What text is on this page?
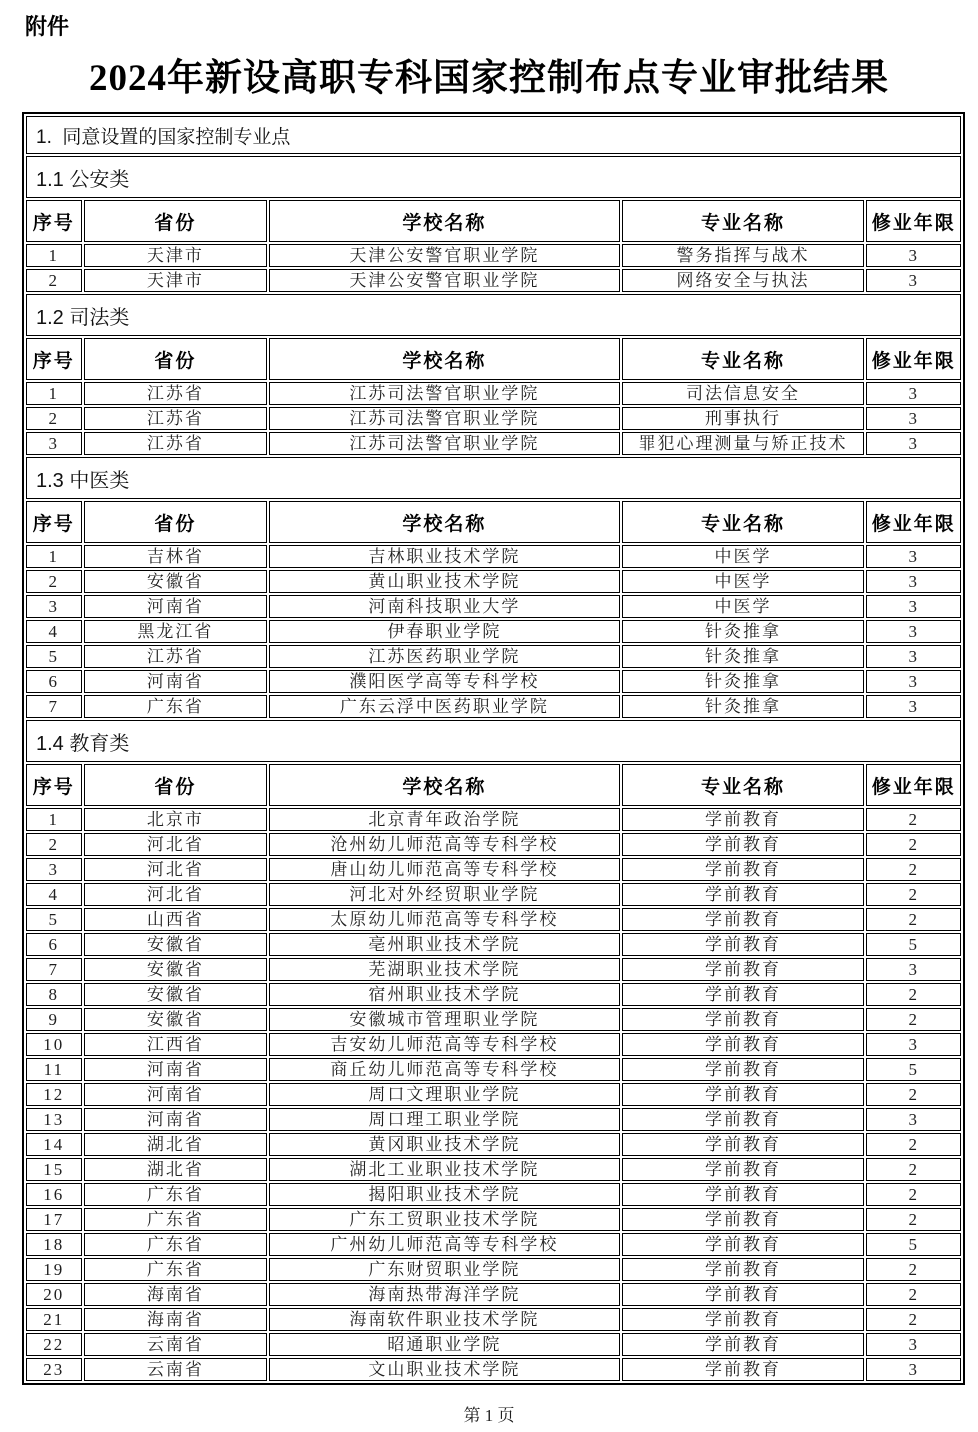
附件
2024年新设高职专科国家控制布点专业审批结果
1.  同意设置的国家控制专业点				
1.1 公安类				
序号	省份	学校名称	专业名称	修业年限
1	天津市	天津公安警官职业学院	警务指挥与战术	3
2	天津市	天津公安警官职业学院	网络安全与执法	3
1.2 司法类				
序号	省份	学校名称	专业名称	修业年限
1	江苏省	江苏司法警官职业学院	司法信息安全	3
2	江苏省	江苏司法警官职业学院	刑事执行	3
3	江苏省	江苏司法警官职业学院	罪犯心理测量与矫正技术	3
1.3 中医类				
序号	省份	学校名称	专业名称	修业年限
1	吉林省	吉林职业技术学院	中医学	3
2	安徽省	黄山职业技术学院	中医学	3
3	河南省	河南科技职业大学	中医学	3
4	黑龙江省	伊春职业学院	针灸推拿	3
5	江苏省	江苏医药职业学院	针灸推拿	3
6	河南省	濮阳医学高等专科学校	针灸推拿	3
7	广东省	广东云浮中医药职业学院	针灸推拿	3
1.4 教育类				
序号	省份	学校名称	专业名称	修业年限
1	北京市	北京青年政治学院	学前教育	2
2	河北省	沧州幼儿师范高等专科学校	学前教育	2
3	河北省	唐山幼儿师范高等专科学校	学前教育	2
4	河北省	河北对外经贸职业学院	学前教育	2
5	山西省	太原幼儿师范高等专科学校	学前教育	2
6	安徽省	亳州职业技术学院	学前教育	5
7	安徽省	芜湖职业技术学院	学前教育	3
8	安徽省	宿州职业技术学院	学前教育	2
9	安徽省	安徽城市管理职业学院	学前教育	2
10	江西省	吉安幼儿师范高等专科学校	学前教育	3
11	河南省	商丘幼儿师范高等专科学校	学前教育	5
12	河南省	周口文理职业学院	学前教育	2
13	河南省	周口理工职业学院	学前教育	3
14	湖北省	黄冈职业技术学院	学前教育	2
15	湖北省	湖北工业职业技术学院	学前教育	2
16	广东省	揭阳职业技术学院	学前教育	2
17	广东省	广东工贸职业技术学院	学前教育	2
18	广东省	广州幼儿师范高等专科学校	学前教育	5
19	广东省	广东财贸职业学院	学前教育	2
20	海南省	海南热带海洋学院	学前教育	2
21	海南省	海南软件职业技术学院	学前教育	2
22	云南省	昭通职业学院	学前教育	3
23	云南省	文山职业技术学院	学前教育	3
第 1 页
